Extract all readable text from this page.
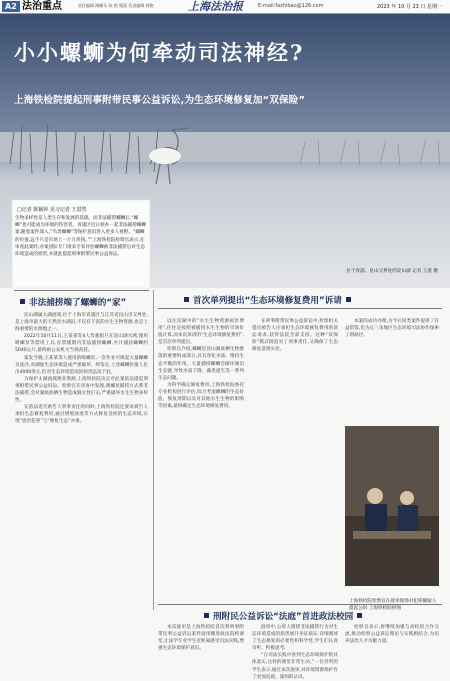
A2 法治重点	责任编辑 陶鹏乐 陈 艳 版面 发表编辑 韩艳	上海法治报	E-mail:fazhibao@126.com	2023 年 10 月 23 日 星期一
小小螺蛳为何牵动司法神经?
上海铁检院提起刑事附带民事公益诉讼,为生态环境修复加“双保险”
□记者 陈颖婷 见习记者 王湛然
生物多样性是人类生存和发展的基础。而非法捕捞螺蛳后,“螺蛳”也可能成为环境的伤害者。青浦区近日侦办一起非法捕捞螺蛳案,随着案件深入,“鸟类螺蛳”等保护意识进入更多人视野。“螺蛳的价值,远不只是市场上一斤几块钱。””上海铁检院检察官表示,在审查此案时,办案团队专门请来专家评估螺蛳被非法捕捞后对生态环境造成的损害,并就此提起刑事附带民事公益诉讼。
位于青浦、昆山交界处的淀山湖 记者 王湛 摄
非法捕捞端了螺蛳的“家”

淀山湖属太湖流域,位于上海市青浦区与江苏省昆山市交界处,是上海市最大的天然淡水湖泊,不仅有丰富的水生生物资源,也是上海重要的水源地之一。

2022年10月11日,王某某等4人驾驶船只在淀山湖水域,使用吸螺泵等禁用工具,在禁捕期内非法捕捞螺蛳,共计捕获螺蛳约5040公斤,最终被公安机关当场查获。

案发当晚,王某某等人使用的吸螺泵,一次作业可吸起大量螺蛳及泥沙,对湖底生态环境造成严重破坏。经鉴定,上述螺蛳价值人民币4000余元,但对生态环境造成的损害远高于此。

为保护太湖流域渔业资源,上海铁检院决定对此案依法提起刑事附带民事公益诉讼。检察官在审查中发现,吸螺泵捕捞方式系非法捕捞,会对湖底底栖生物造成毁灭性打击,严重破坏水生生物多样性。

在依法追究被告人刑事责任的同时,上海铁检院还要求被告人承担生态修复费用,通过增殖放流等方式修复受损的生态环境,实现“惩治犯罪”与“修复生态”并重。

首次单列提出“生态环境修复费用”诉请

以往淀湖中的“水生生物资源损害费用”,往往是按照被捕捞水生生物的市场价值计算,而本次诉请的“生态环境修复费用”,是首次单列提出。

检察官介绍,螺蛳是淀山湖底栖生物群落的重要组成部分,具有净化水质、维持生态平衡的作用。大量捕捞螺蛳会破坏湖泊生态链,导致水质下降、藻类滋生等一系列生态问题。

为科学确定修复费用,上海铁检院委托专业机构进行评估,综合考虑螺蛳的生态价值、恢复周期以及对其他水生生物的影响等因素,最终确定生态环境修复费用。

在刑事附带民事公益诉讼中,检察机关提出被告人应承担生态环境修复费用的诉讼请求,获得法院全部支持。这种“双保险”模式既追究了刑事责任,又确保了生态修复落到实处。

本案的成功办理,为今后同类案件提供了有益借鉴,也为长三角地区生态环境司法协作探索了新路径。

上海铁检院检察官在庭审现场对犯罪嫌疑人提起公诉 上海铁检院供图
刑附民公益诉讼“法庭”首进政法校园

本次庭审是上海铁检院首次将刑事附带民事公益诉讼案件庭审搬进政法院校课堂,让法学专业学生近距离感受司法实践,增强生态环境保护意识。

庭审中,公诉人围绕非法捕捞行为对生态环境造成的损害展开举证质证,详细阐述了生态修复的必要性和科学性,学生们认真旁听、积极思考。

“在司法实践中看到生态环境保护的具体落实,这样的课堂非常生动。”一位旁听的学生表示,通过本次庭审,对环境资源保护有了更加直观、深刻的认识。

检察官表示,将继续加强与高校的合作交流,推动检察公益诉讼理论与实践相结合,为培养法治人才贡献力量。
